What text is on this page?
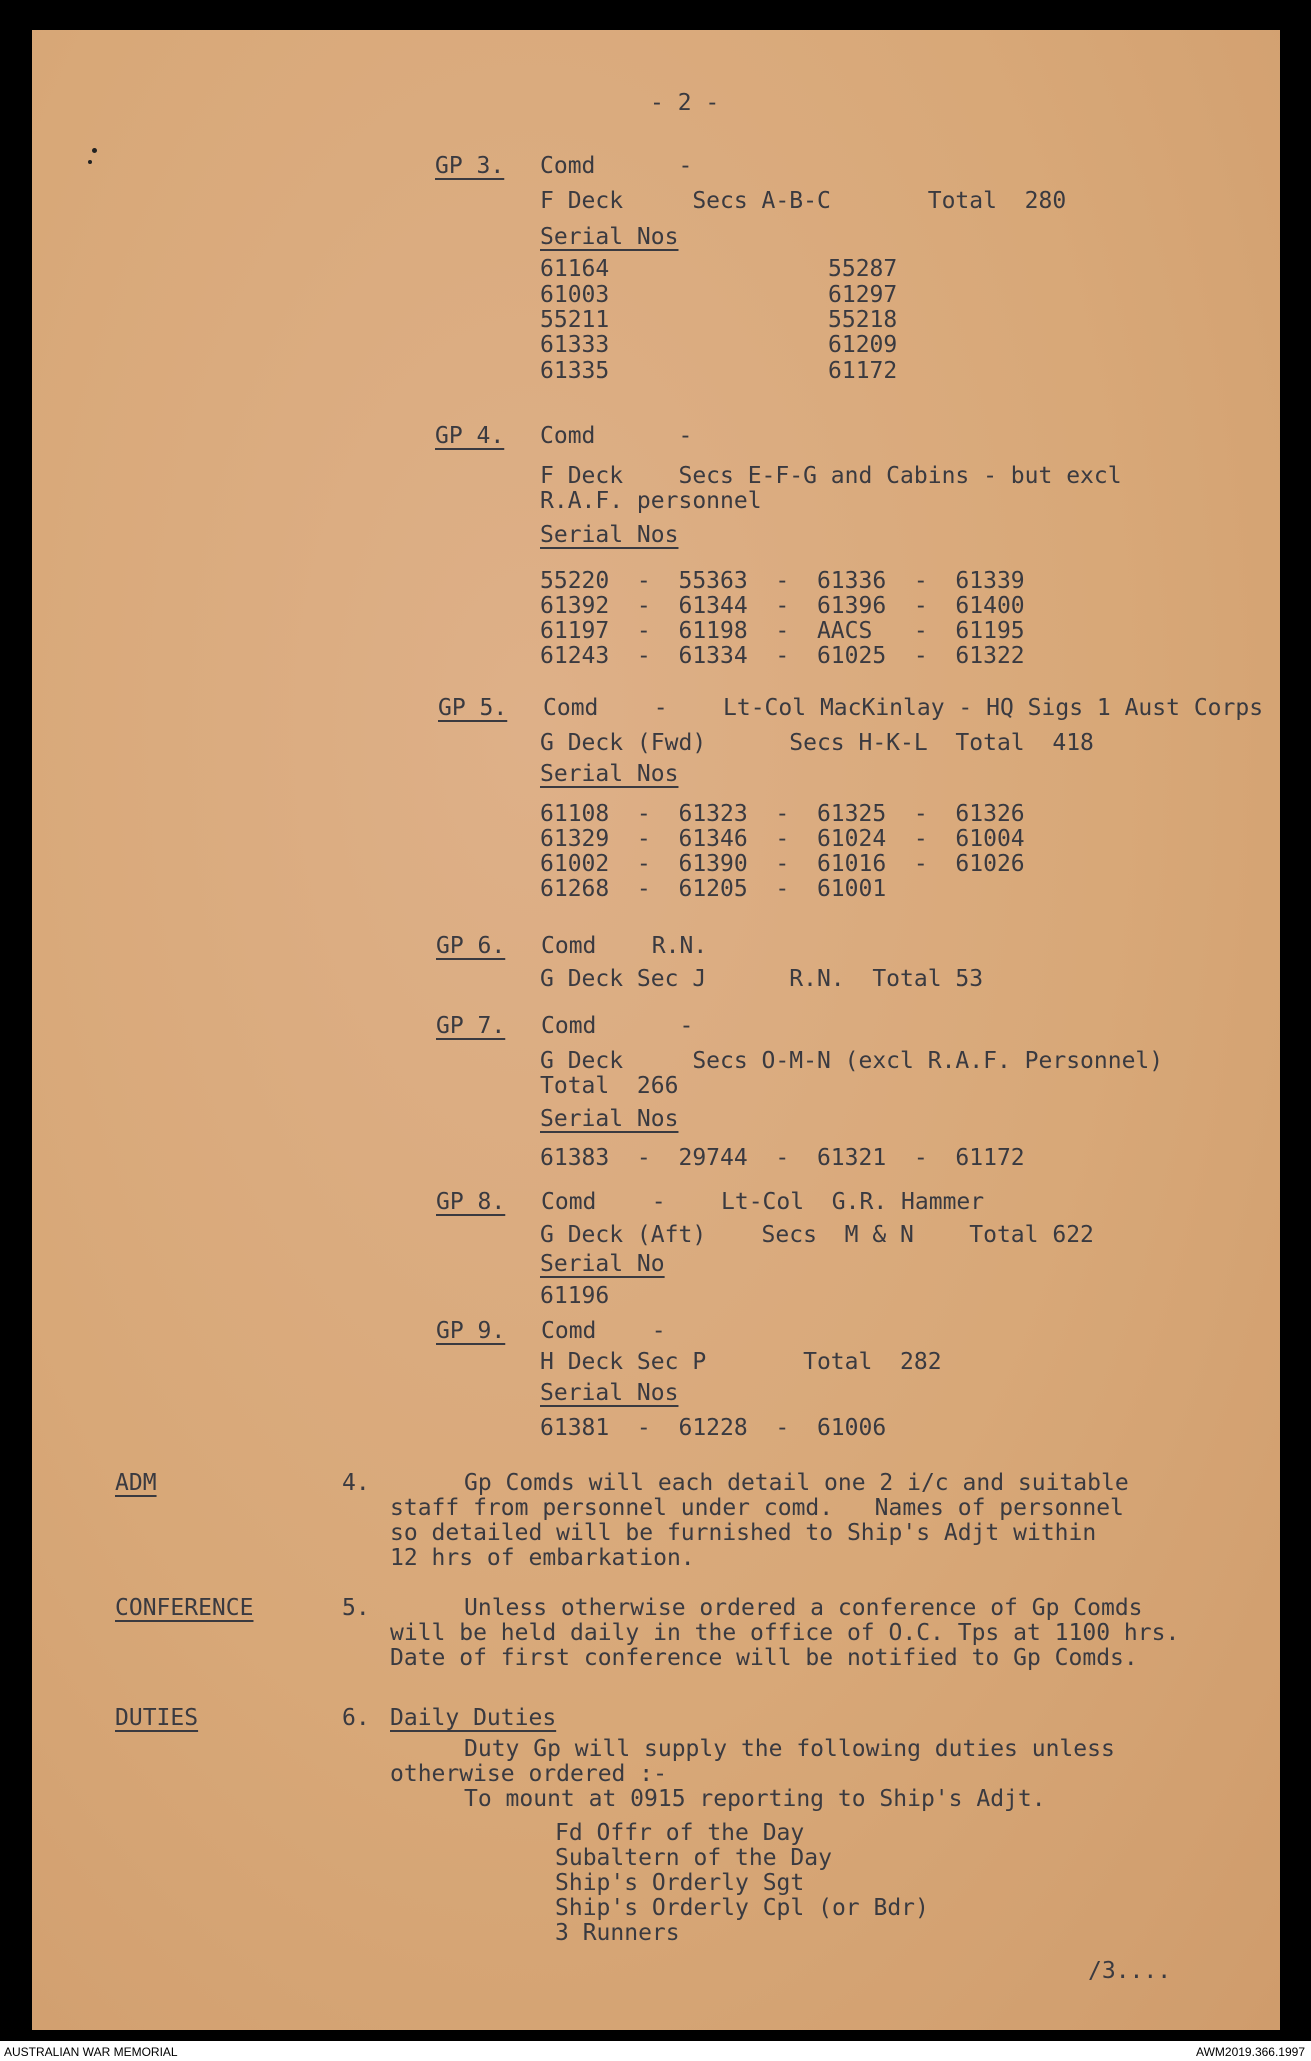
- 2 -
GP 3. Comd      -
F Deck     Secs A-B-C       Total  280
Serial Nos
61164	55287
61003	61297
55211	55218
61333	61209
61335	61172
GP 4. Comd      -
F Deck    Secs E-F-G and Cabins - but excl
R.A.F. personnel
Serial Nos
55220  -  55363  -  61336  -  61339
61392  -  61344  -  61396  -  61400
61197  -  61198  -  AACS   -  61195
61243  -  61334  -  61025  -  61322
GP 5. Comd    -    Lt-Col MacKinlay - HQ Sigs 1 Aust Corps
G Deck (Fwd)      Secs H-K-L  Total  418
Serial Nos
61108  -  61323  -  61325  -  61326
61329  -  61346  -  61024  -  61004
61002  -  61390  -  61016  -  61026
61268  -  61205  -  61001
GP 6. Comd    R.N.
G Deck Sec J      R.N.  Total 53
GP 7. Comd      -
G Deck     Secs O-M-N (excl R.A.F. Personnel)
Total  266
Serial Nos
61383  -  29744  -  61321  -  61172
GP 8. Comd    -    Lt-Col  G.R. Hammer
G Deck (Aft)    Secs  M & N    Total 622
Serial No
61196
GP 9. Comd    -
H Deck Sec P       Total  282
Serial Nos
61381  -  61228  -  61006
ADM	4.	Gp Comds will each detail one 2 i/c and suitable
staff from personnel under comd.   Names of personnel
so detailed will be furnished to Ship's Adjt within
12 hrs of embarkation.
CONFERENCE	5.	Unless otherwise ordered a conference of Gp Comds
will be held daily in the office of O.C. Tps at 1100 hrs.
Date of first conference will be notified to Gp Comds.
DUTIES	6. Daily Duties
Duty Gp will supply the following duties unless
otherwise ordered :-
To mount at 0915 reporting to Ship's Adjt.
Fd Offr of the Day
Subaltern of the Day
Ship's Orderly Sgt
Ship's Orderly Cpl (or Bdr)
3 Runners
/3....
AUSTRALIAN WAR MEMORIAL	AWM2019.366.1997
